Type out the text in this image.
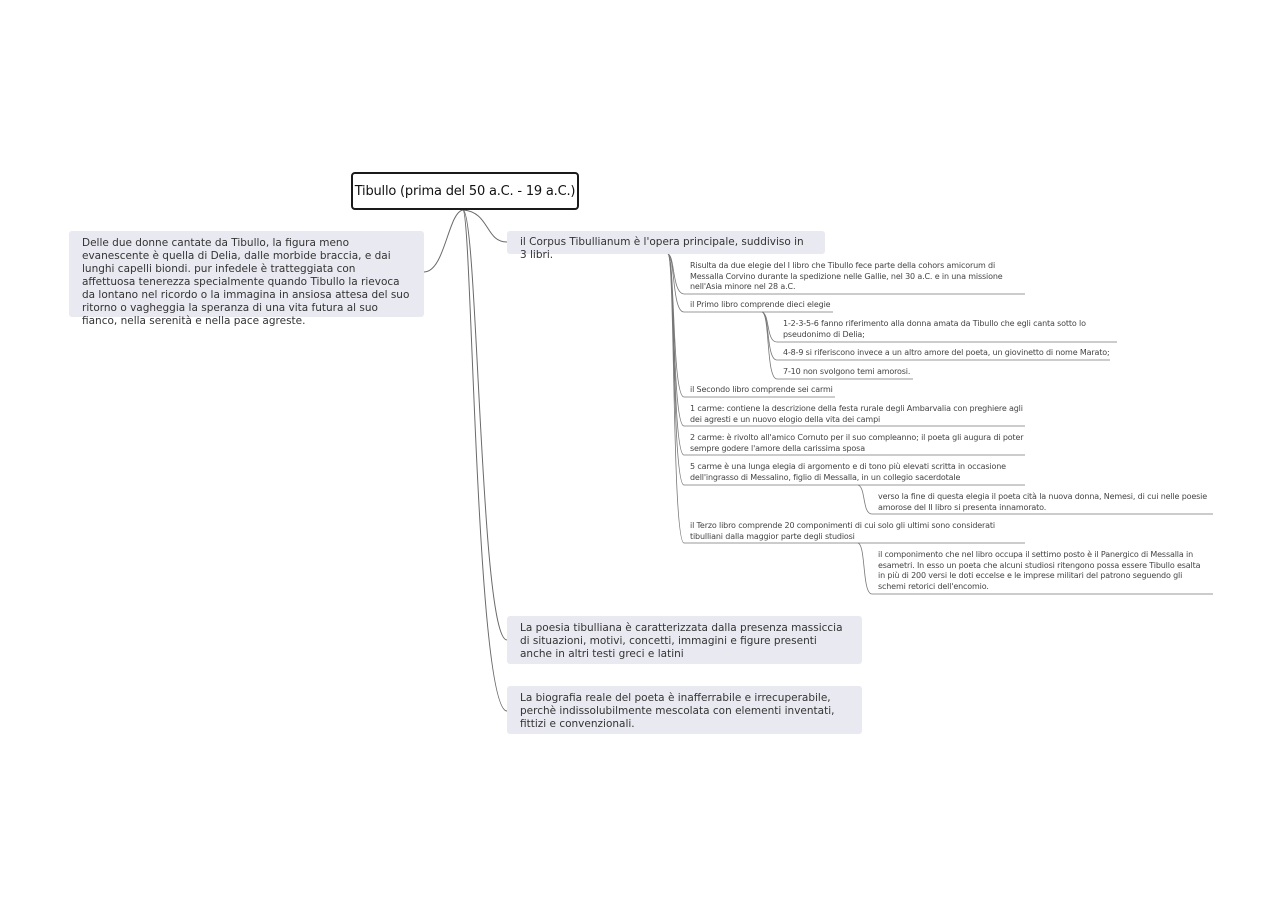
Tibullo (prima del 50 a.C. - 19 a.C.)
Delle due donne cantate da Tibullo, la figura meno evanescente è quella di Delia, dalle morbide braccia, e dai lunghi capelli biondi. pur infedele è tratteggiata con affettuosa tenerezza specialmente quando Tibullo la rievoca da lontano nel ricordo o la immagina in ansiosa attesa del suo ritorno o vagheggia la speranza di una vita futura al suo fianco, nella serenità e nella pace agreste.
il Corpus Tibullianum è l'opera principale, suddiviso in 3 libri.
Risulta da due elegie del I libro che Tibullo fece parte della cohors amicorum di Messalla Corvino durante la spedizione nelle Gallie, nel 30 a.C. e in una missione nell'Asia minore nel 28 a.C.
il Primo libro comprende dieci elegie
1-2-3-5-6 fanno riferimento alla donna amata da Tibullo che egli canta sotto lo pseudonimo di Delia;
4-8-9 si riferiscono invece a un altro amore del poeta, un giovinetto di nome Marato;
7-10 non svolgono temi amorosi.
il Secondo libro comprende sei carmi
1 carme: contiene la descrizione della festa rurale degli Ambarvalia con preghiere agli dei agresti e un nuovo elogio della vita dei campi
2 carme: è rivolto all'amico Cornuto per il suo compleanno; il poeta gli augura di poter sempre godere l'amore della carissima sposa
5 carme è una lunga elegia di argomento e di tono più elevati scritta in occasione dell'ingrasso di Messalino, figlio di Messalla, in un collegio sacerdotale
verso la fine di questa elegia il poeta cità la nuova donna, Nemesi, di cui nelle poesie amorose del II libro si presenta innamorato.
il Terzo libro comprende 20 componimenti di cui solo gli ultimi sono considerati tibulliani dalla maggior parte degli studiosi
il componimento che nel libro occupa il settimo posto è il Panergico di Messalla in esametri. In esso un poeta che alcuni studiosi ritengono possa essere Tibullo esalta in più di 200 versi le doti eccelse e le imprese militari del patrono seguendo gli schemi retorici dell'encomio.
La poesia tibulliana è caratterizzata dalla presenza massiccia di situazioni, motivi, concetti, immagini e figure presenti anche in altri testi greci e latini
La biografia reale del poeta è inafferrabile e irrecuperabile, perchè indissolubilmente mescolata con elementi inventati, fittizi e convenzionali.
